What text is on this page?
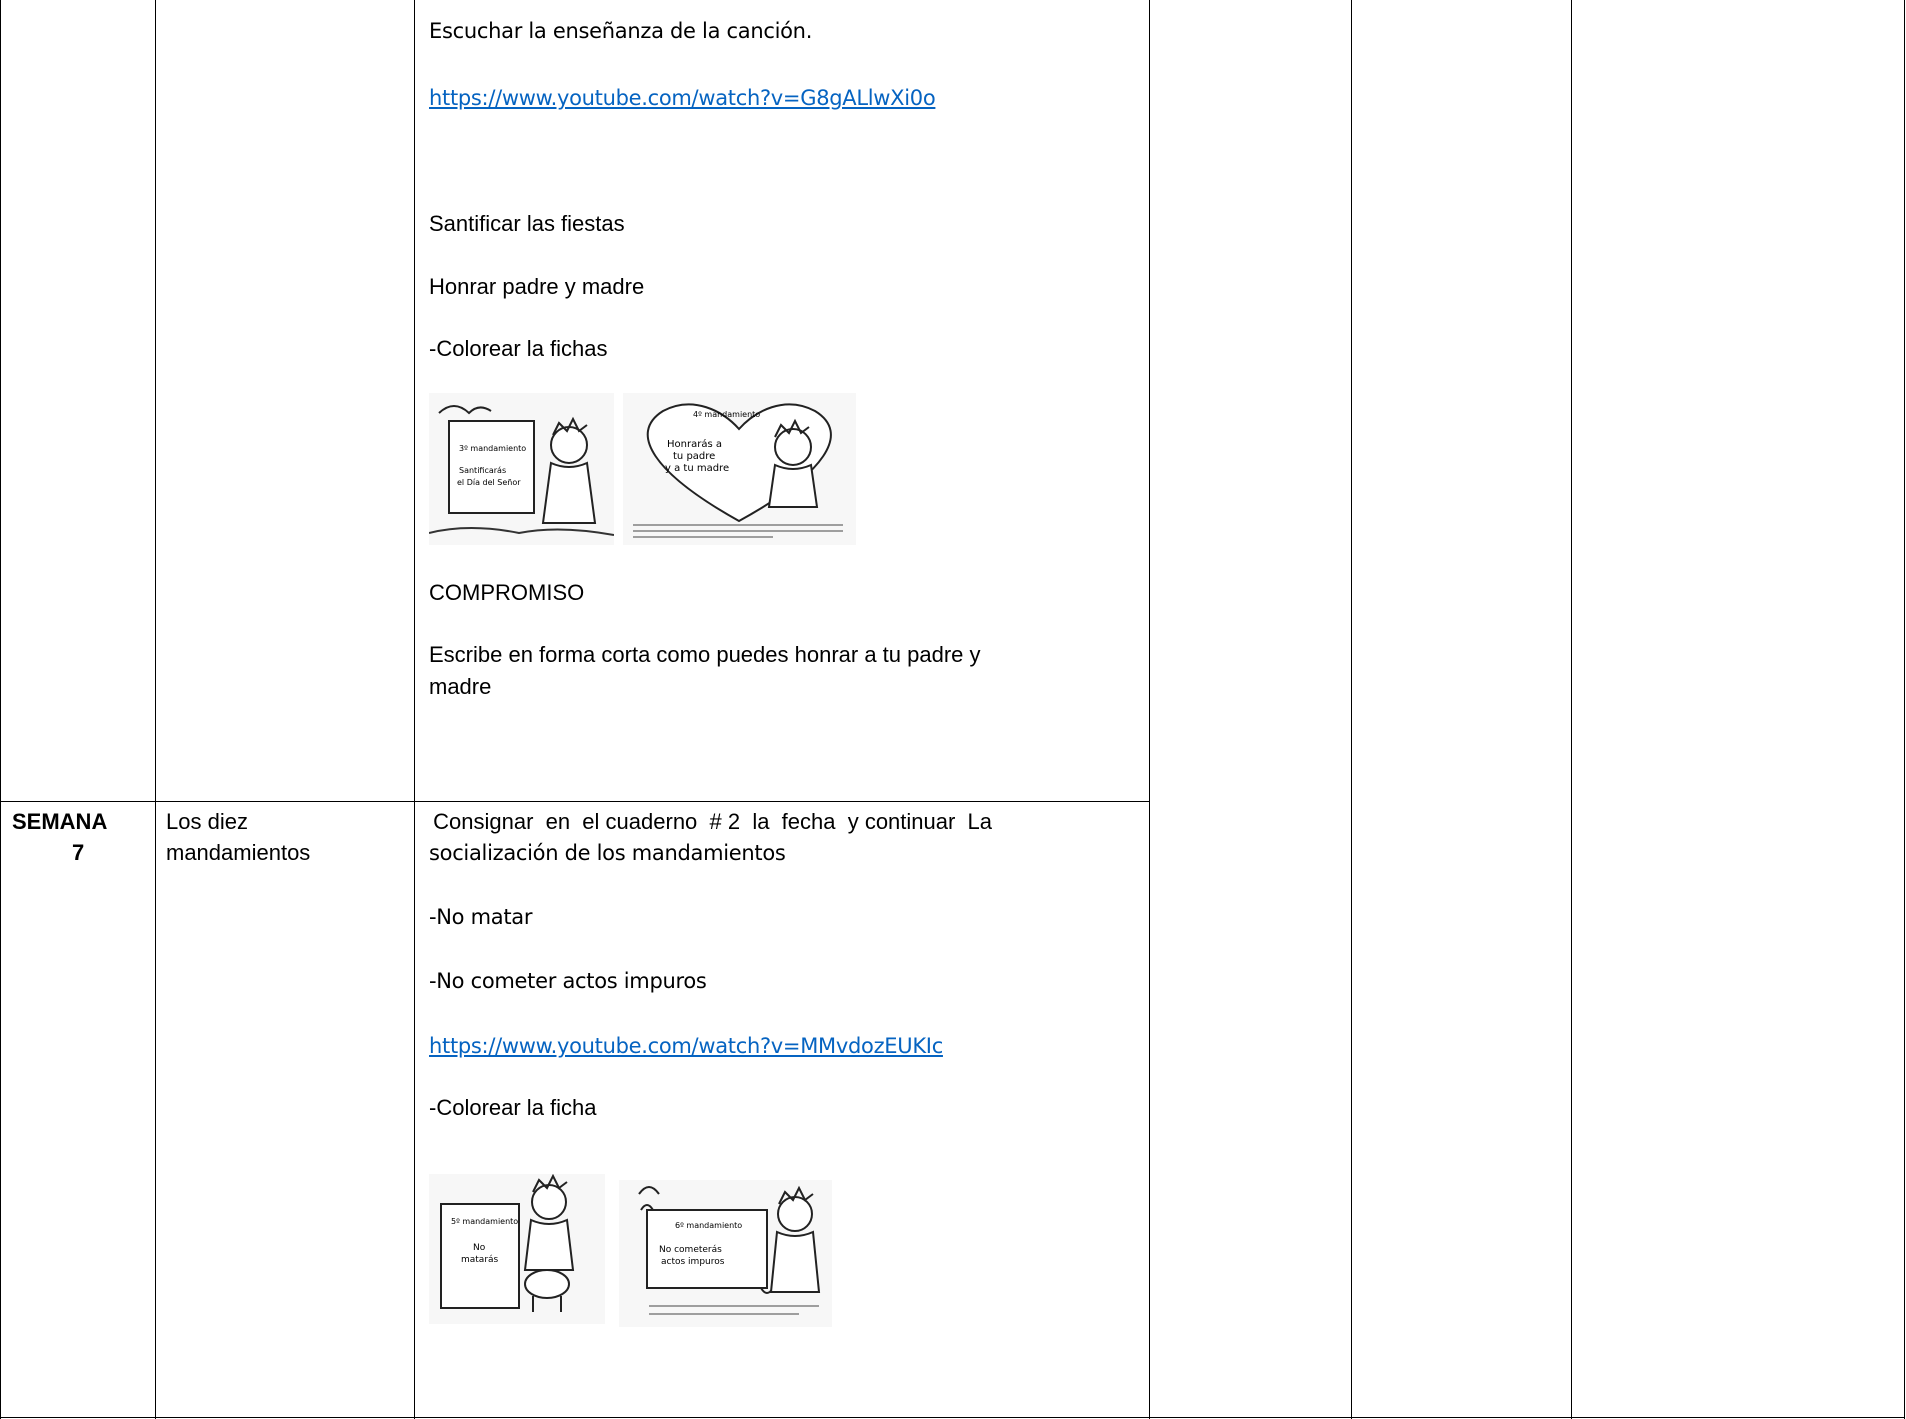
Escuchar la enseñanza de la canción.
https://www.youtube.com/watch?v=G8gALlwXi0o
Santificar las fiestas
Honrar padre y madre
-Colorear la fichas
3º mandamiento
Santificarás
el Día del Señor
4º mandamiento
Honrarás a
tu padre
y a tu madre
COMPROMISO
Escribe en forma corta como puedes honrar a tu padre y
madre
SEMANA
7
Los diez
mandamientos
Consignar  en  el cuaderno  # 2  la  fecha  y continuar  La
socialización de los mandamientos
-No matar
-No cometer actos impuros
https://www.youtube.com/watch?v=MMvdozEUKIc
-Colorear la ficha
5º mandamiento
No
matarás
6º mandamiento
No cometerás
actos impuros
